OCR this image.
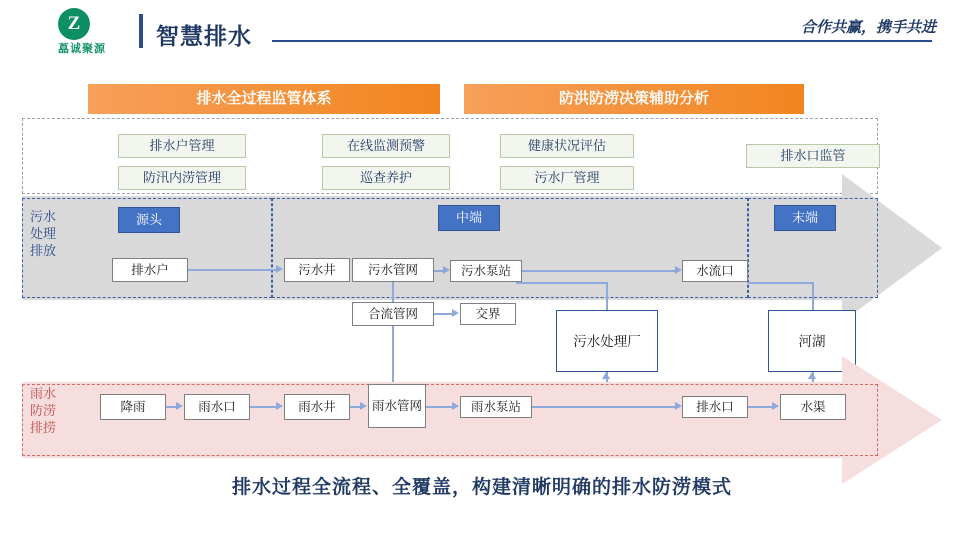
Z
藠诚聚源	智慧排水	合作共赢，携手共进
排水全过程监管体系	防洪防涝决策辅助分析
排水户管理
防汛内涝管理
在线监测预警
巡查养护
健康状况评估
污水厂管理
排水口监管
污水
处理
排放
源头	中端	末端
排水户	污水井	污水管网	污水泵站	水流口
合流管网	交界
污水处理厂	河湖
雨水
防涝
排捞
降雨	雨水口	雨水井	雨水管网	雨水泵站	排水口	水渠
排水过程全流程、全覆盖，构建清晰明确的排水防涝模式
